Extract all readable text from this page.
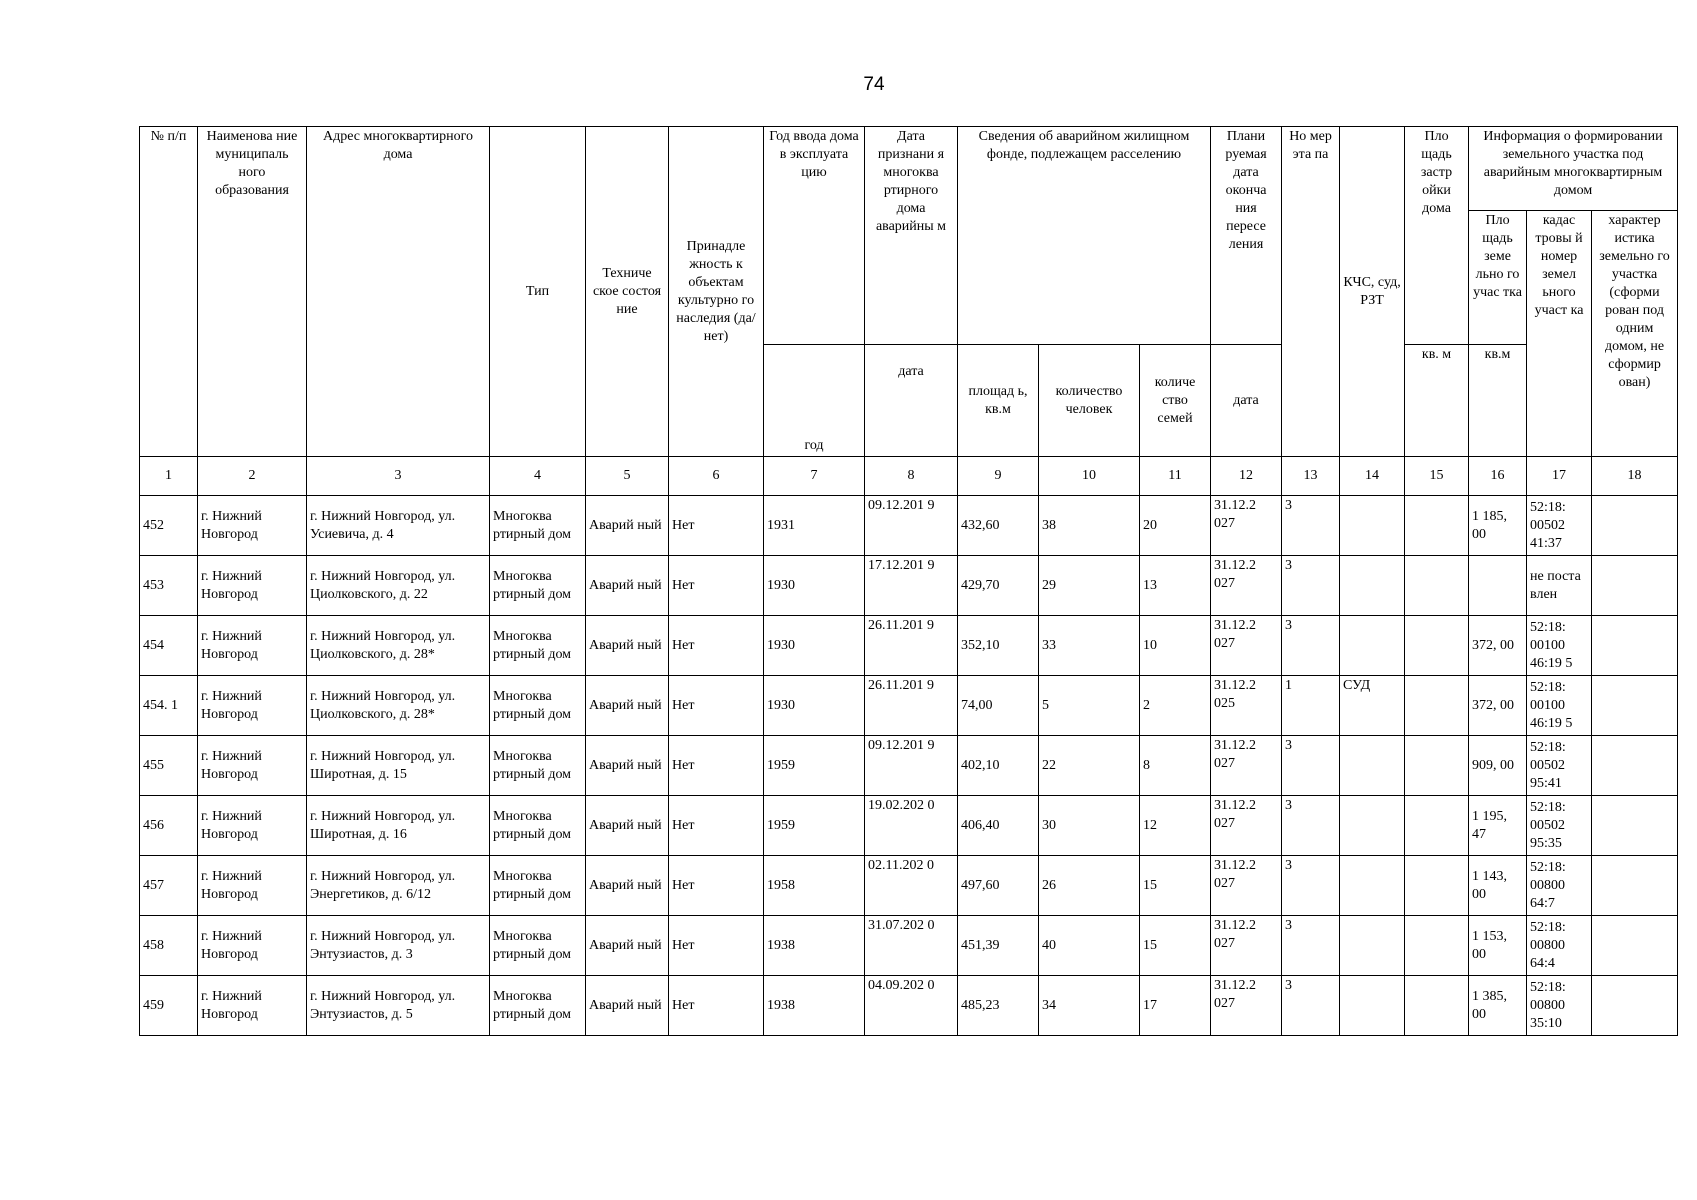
74
№ п/п	Наименова ние муниципаль ного образования	Адрес многоквартирного дома	Тип	Техниче ское состоя ние	Принадле жность к объектам культурно го наследия (да/нет)	Год ввода дома в эксплуата цию	Дата признани я многоква ртирного дома аварийны м	Сведения об аварийном жилищном фонде, подлежащем расселению			Плани руемая дата оконча ния пересе ления	Но мер эта па	КЧС, суд, РЗТ	Пло щадь застр ойки дома	Информация о формировании земельного участка под аварийным многоквартирным домом		
															Пло щадь земе льно го учас тка	кадас тровы й номер земел ьного участ ка	характер истика земельно го участка (сформи рован под одним домом, не сформир ован)
						год	дата	площад ь, кв.м	количество человек	количе ство семей	дата			кв. м	кв.м		
1	2	3	4	5	6	7	8	9	10	11	12	13	14	15	16	17	18
452	г. Нижний Новгород	г. Нижний Новгород, ул. Усиевича, д. 4	Многоква ртирный дом	Аварий ный	Нет	1931	09.12.201 9	432,60	38	20	31.12.2 027	3			1 185, 00	52:18: 00502 41:37	
453	г. Нижний Новгород	г. Нижний Новгород, ул. Циолковского, д. 22	Многоква ртирный дом	Аварий ный	Нет	1930	17.12.201 9	429,70	29	13	31.12.2 027	3				не поста влен	
454	г. Нижний Новгород	г. Нижний Новгород, ул. Циолковского, д. 28*	Многоква ртирный дом	Аварий ный	Нет	1930	26.11.201 9	352,10	33	10	31.12.2 027	3			372, 00	52:18: 00100 46:19 5	
454. 1	г. Нижний Новгород	г. Нижний Новгород, ул. Циолковского, д. 28*	Многоква ртирный дом	Аварий ный	Нет	1930	26.11.201 9	74,00	5	2	31.12.2 025	1	СУД		372, 00	52:18: 00100 46:19 5	
455	г. Нижний Новгород	г. Нижний Новгород, ул. Широтная, д. 15	Многоква ртирный дом	Аварий ный	Нет	1959	09.12.201 9	402,10	22	8	31.12.2 027	3			909, 00	52:18: 00502 95:41	
456	г. Нижний Новгород	г. Нижний Новгород, ул. Широтная, д. 16	Многоква ртирный дом	Аварий ный	Нет	1959	19.02.202 0	406,40	30	12	31.12.2 027	3			1 195, 47	52:18: 00502 95:35	
457	г. Нижний Новгород	г. Нижний Новгород, ул. Энергетиков, д. 6/12	Многоква ртирный дом	Аварий ный	Нет	1958	02.11.202 0	497,60	26	15	31.12.2 027	3			1 143, 00	52:18: 00800 64:7	
458	г. Нижний Новгород	г. Нижний Новгород, ул. Энтузиастов, д. 3	Многоква ртирный дом	Аварий ный	Нет	1938	31.07.202 0	451,39	40	15	31.12.2 027	3			1 153, 00	52:18: 00800 64:4	
459	г. Нижний Новгород	г. Нижний Новгород, ул. Энтузиастов, д. 5	Многоква ртирный дом	Аварий ный	Нет	1938	04.09.202 0	485,23	34	17	31.12.2 027	3			1 385, 00	52:18: 00800 35:10	
